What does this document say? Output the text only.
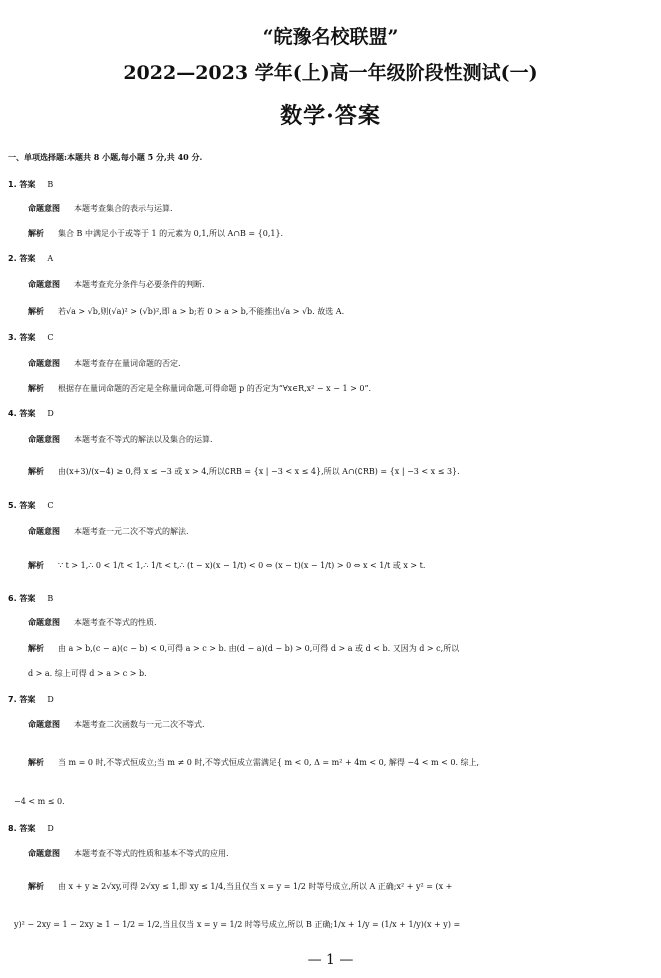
“皖豫名校联盟”
2022—2023 学年(上)高一年级阶段性测试(一)
数学·答案
一、单项选择题:本题共 8 小题,每小题 5 分,共 40 分.
1. 答案 B
命题意图 本题考查集合的表示与运算.
解析 集合 B 中满足小于或等于 1 的元素为 0,1,所以 A∩B = {0,1}.
2. 答案 A
命题意图 本题考查充分条件与必要条件的判断.
解析 若√a > √b,则(√a)² > (√b)²,即 a > b;若 0 > a > b,不能推出√a > √b. 故选 A.
3. 答案 C
命题意图 本题考查存在量词命题的否定.
解析 根据存在量词命题的否定是全称量词命题,可得命题 p 的否定为“∀x∈R,x² − x − 1 > 0”.
4. 答案 D
命题意图 本题考查不等式的解法以及集合的运算.
解析 由(x+3)/(x−4) ≥ 0,得 x ≤ −3 或 x > 4,所以∁RB = {x | −3 < x ≤ 4},所以 A∩(∁RB) = {x | −3 < x ≤ 3}.
5. 答案 C
命题意图 本题考查一元二次不等式的解法.
解析 ∵ t > 1,∴ 0 < 1/t < 1,∴ 1/t < t,∴ (t − x)(x − 1/t) < 0 ⇔ (x − t)(x − 1/t) > 0 ⇔ x < 1/t 或 x > t.
6. 答案 B
命题意图 本题考查不等式的性质.
解析 由 a > b,(c − a)(c − b) < 0,可得 a > c > b. 由(d − a)(d − b) > 0,可得 d > a 或 d < b. 又因为 d > c,所以
d > a. 综上可得 d > a > c > b.
7. 答案 D
命题意图 本题考查二次函数与一元二次不等式.
解析 当 m = 0 时,不等式恒成立;当 m ≠ 0 时,不等式恒成立需满足{ m < 0, Δ = m² + 4m < 0, 解得 −4 < m < 0. 综上,
−4 < m ≤ 0.
8. 答案 D
命题意图 本题考查不等式的性质和基本不等式的应用.
解析 由 x + y ≥ 2√xy,可得 2√xy ≤ 1,即 xy ≤ 1/4,当且仅当 x = y = 1/2 时等号成立,所以 A 正确;x² + y² = (x +
y)² − 2xy = 1 − 2xy ≥ 1 − 1/2 = 1/2,当且仅当 x = y = 1/2 时等号成立,所以 B 正确;1/x + 1/y = (1/x + 1/y)(x + y) =
— 1 —
